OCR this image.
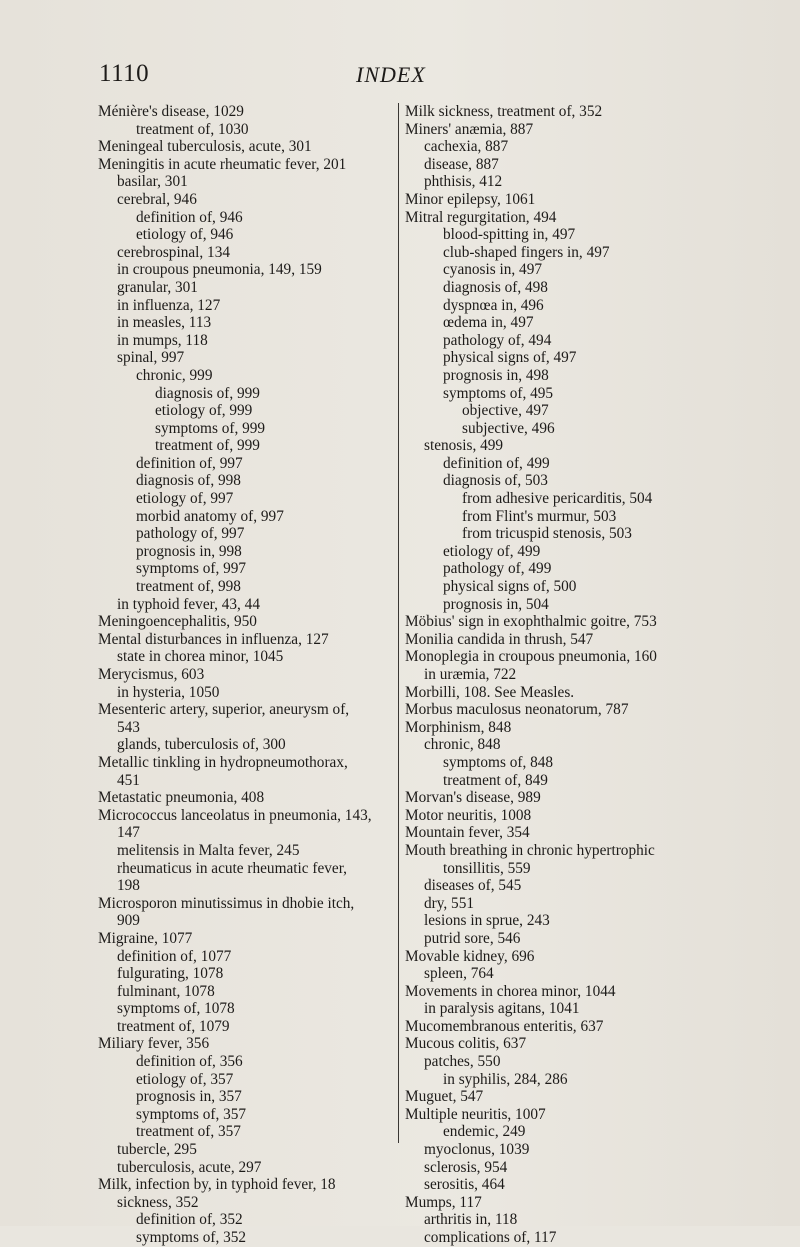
1110	INDEX
Ménière's disease, 1029
treatment of, 1030
Meningeal tuberculosis, acute, 301
Meningitis in acute rheumatic fever, 201
basilar, 301
cerebral, 946
definition of, 946
etiology of, 946
cerebrospinal, 134
in croupous pneumonia, 149, 159
granular, 301
in influenza, 127
in measles, 113
in mumps, 118
spinal, 997
chronic, 999
diagnosis of, 999
etiology of, 999
symptoms of, 999
treatment of, 999
definition of, 997
diagnosis of, 998
etiology of, 997
morbid anatomy of, 997
pathology of, 997
prognosis in, 998
symptoms of, 997
treatment of, 998
in typhoid fever, 43, 44
Meningoencephalitis, 950
Mental disturbances in influenza, 127
state in chorea minor, 1045
Merycismus, 603
in hysteria, 1050
Mesenteric artery, superior, aneurysm of,
543
glands, tuberculosis of, 300
Metallic tinkling in hydropneumothorax,
451
Metastatic pneumonia, 408
Micrococcus lanceolatus in pneumonia, 143,
147
melitensis in Malta fever, 245
rheumaticus in acute rheumatic fever,
198
Microsporon minutissimus in dhobie itch,
909
Migraine, 1077
definition of, 1077
fulgurating, 1078
fulminant, 1078
symptoms of, 1078
treatment of, 1079
Miliary fever, 356
definition of, 356
etiology of, 357
prognosis in, 357
symptoms of, 357
treatment of, 357
tubercle, 295
tuberculosis, acute, 297
Milk, infection by, in typhoid fever, 18
sickness, 352
definition of, 352
symptoms of, 352
Milk sickness, treatment of, 352
Miners' anæmia, 887
cachexia, 887
disease, 887
phthisis, 412
Minor epilepsy, 1061
Mitral regurgitation, 494
blood-spitting in, 497
club-shaped fingers in, 497
cyanosis in, 497
diagnosis of, 498
dyspnœa in, 496
œdema in, 497
pathology of, 494
physical signs of, 497
prognosis in, 498
symptoms of, 495
objective, 497
subjective, 496
stenosis, 499
definition of, 499
diagnosis of, 503
from adhesive pericarditis, 504
from Flint's murmur, 503
from tricuspid stenosis, 503
etiology of, 499
pathology of, 499
physical signs of, 500
prognosis in, 504
Möbius' sign in exophthalmic goitre, 753
Monilia candida in thrush, 547
Monoplegia in croupous pneumonia, 160
in uræmia, 722
Morbilli, 108. See Measles.
Morbus maculosus neonatorum, 787
Morphinism, 848
chronic, 848
symptoms of, 848
treatment of, 849
Morvan's disease, 989
Motor neuritis, 1008
Mountain fever, 354
Mouth breathing in chronic hypertrophic
tonsillitis, 559
diseases of, 545
dry, 551
lesions in sprue, 243
putrid sore, 546
Movable kidney, 696
spleen, 764
Movements in chorea minor, 1044
in paralysis agitans, 1041
Mucomembranous enteritis, 637
Mucous colitis, 637
patches, 550
in syphilis, 284, 286
Muguet, 547
Multiple neuritis, 1007
endemic, 249
myoclonus, 1039
sclerosis, 954
serositis, 464
Mumps, 117
arthritis in, 118
complications of, 117
